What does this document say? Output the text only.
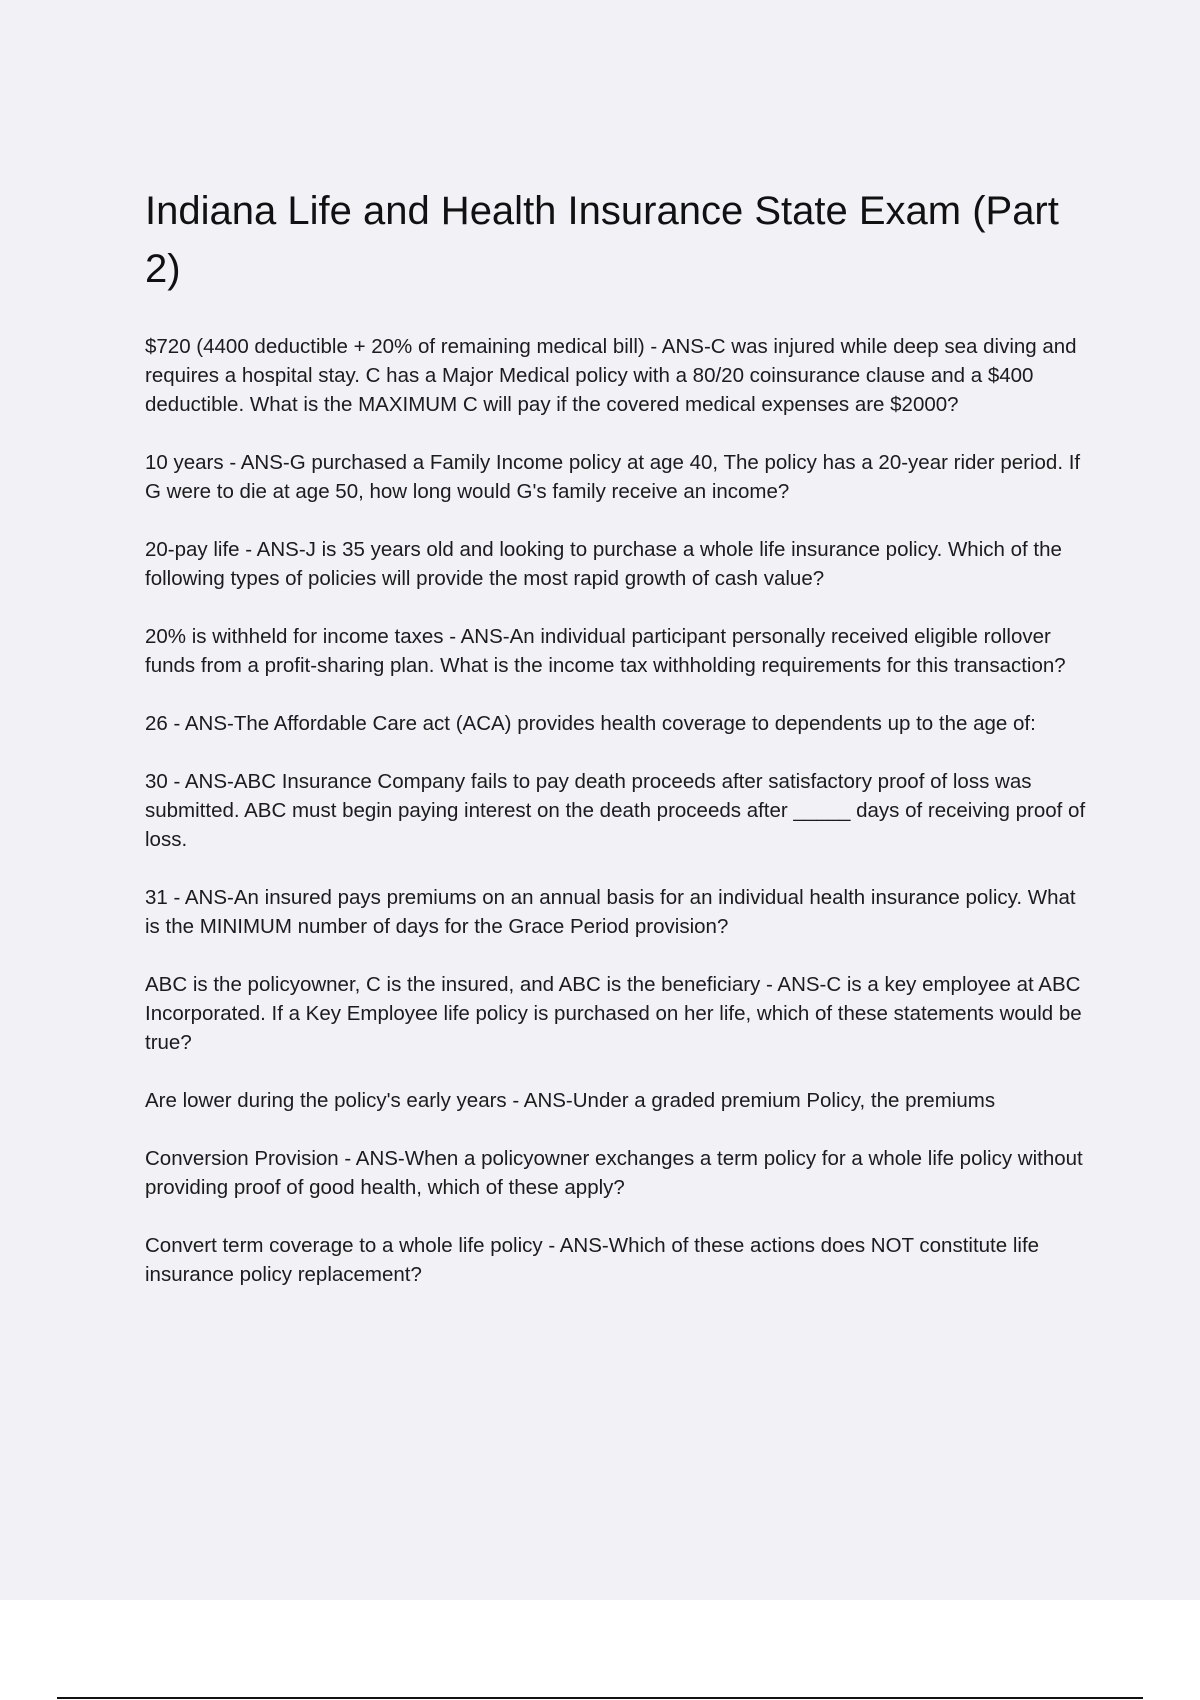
Indiana Life and Health Insurance State Exam (Part 2)

$720 (4400 deductible + 20% of remaining medical bill) - ANS-C was injured while deep sea diving and requires a hospital stay. C has a Major Medical policy with a 80/20 coinsurance clause and a $400 deductible. What is the MAXIMUM C will pay if the covered medical expenses are $2000?

10 years - ANS-G purchased a Family Income policy at age 40, The policy has a 20-year rider period. If G were to die at age 50, how long would G's family receive an income?

20-pay life - ANS-J is 35 years old and looking to purchase a whole life insurance policy. Which of the following types of policies will provide the most rapid growth of cash value?

20% is withheld for income taxes - ANS-An individual participant personally received eligible rollover funds from a profit-sharing plan. What is the income tax withholding requirements for this transaction?

26 - ANS-The Affordable Care act (ACA) provides health coverage to dependents up to the age of:

30 - ANS-ABC Insurance Company fails to pay death proceeds after satisfactory proof of loss was submitted. ABC must begin paying interest on the death proceeds after _____ days of receiving proof of loss.

31 - ANS-An insured pays premiums on an annual basis for an individual health insurance policy. What is the MINIMUM number of days for the Grace Period provision?

ABC is the policyowner, C is the insured, and ABC is the beneficiary - ANS-C is a key employee at ABC Incorporated. If a Key Employee life policy is purchased on her life, which of these statements would be true?

Are lower during the policy's early years - ANS-Under a graded premium Policy, the premiums

Conversion Provision - ANS-When a policyowner exchanges a term policy for a whole life policy without providing proof of good health, which of these apply?

Convert term coverage to a whole life policy - ANS-Which of these actions does NOT constitute life insurance policy replacement?
